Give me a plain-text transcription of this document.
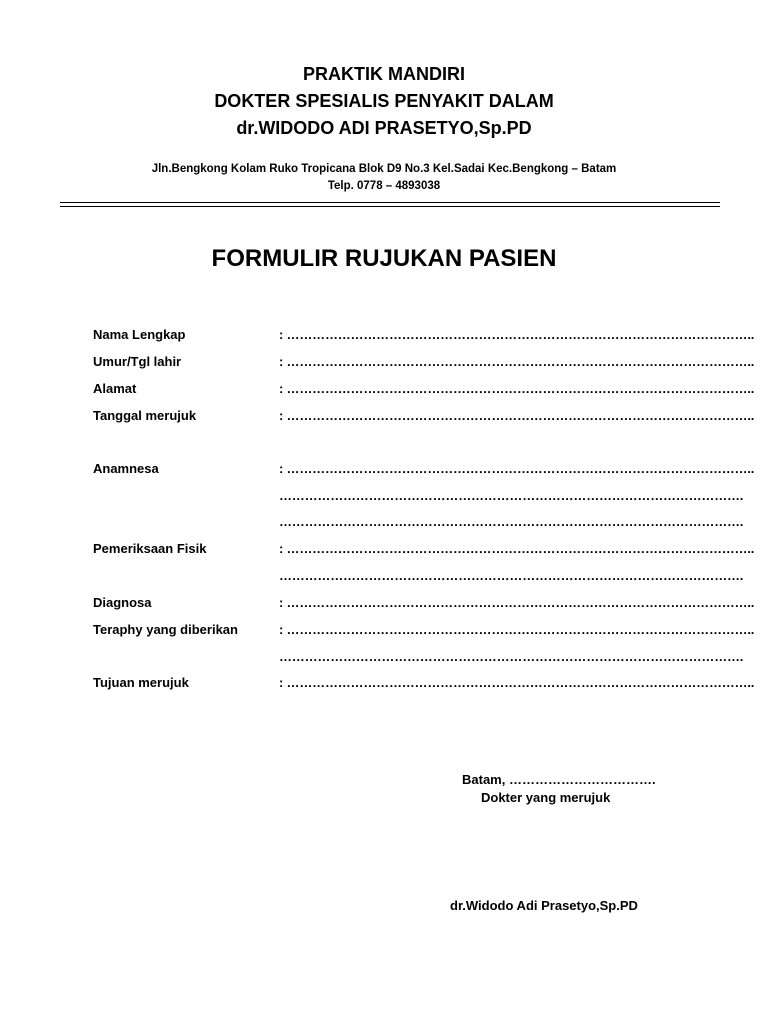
PRAKTIK MANDIRI
DOKTER SPESIALIS PENYAKIT DALAM
dr.WIDODO ADI PRASETYO,Sp.PD
Jln.Bengkong Kolam Ruko Tropicana Blok D9 No.3 Kel.Sadai Kec.Bengkong – Batam
Telp. 0778 – 4893038
FORMULIR RUJUKAN PASIEN
Nama Lengkap	: ………………………………………………………………………………………………..
Umur/Tgl lahir	: ………………………………………………………………………………………………..
Alamat	: ………………………………………………………………………………………………..
Tanggal merujuk	: ………………………………………………………………………………………………..
Anamnesa	: ………………………………………………………………………………………………..
……………………………………………………………………………………………….
……………………………………………………………………………………………….
Pemeriksaan Fisik	: ………………………………………………………………………………………………..
……………………………………………………………………………………………….
Diagnosa	: ………………………………………………………………………………………………..
Teraphy yang diberikan	: ………………………………………………………………………………………………..
……………………………………………………………………………………………….
Tujuan merujuk	: ………………………………………………………………………………………………..
Batam, …………………………….
Dokter yang merujuk
dr.Widodo Adi Prasetyo,Sp.PD
